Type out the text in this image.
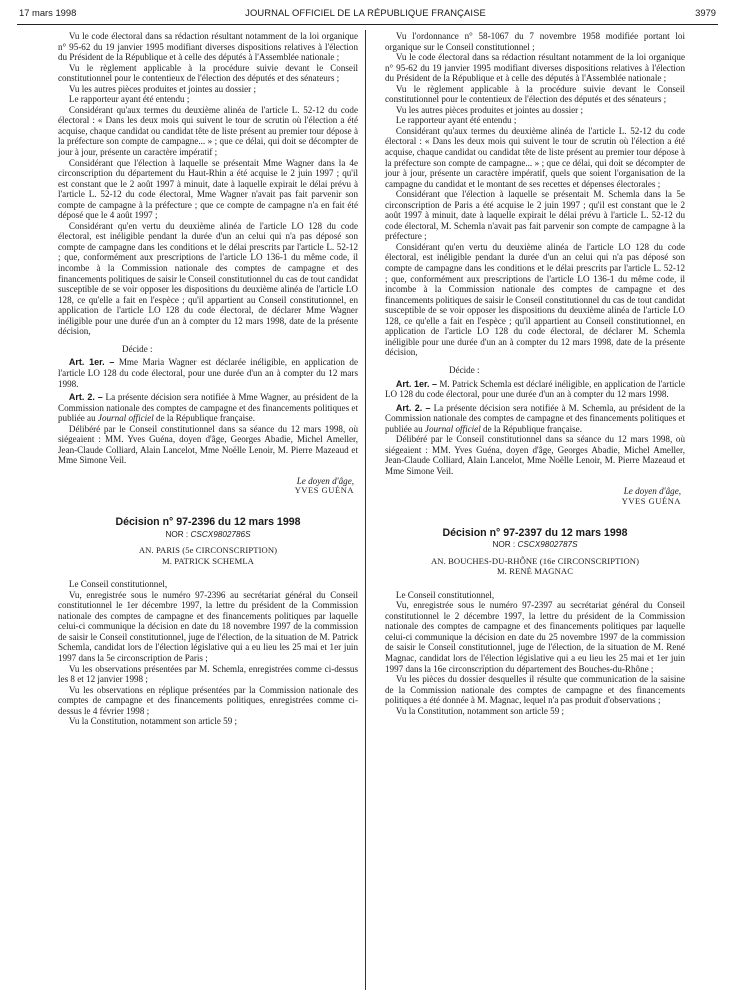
17 mars 1998	JOURNAL OFFICIEL DE LA RÉPUBLIQUE FRANÇAISE	3979

Vu le code électoral dans sa rédaction résultant notamment de la loi organique n° 95-62 du 19 janvier 1995 modifiant diverses dispositions relatives à l'élection du Président de la République et à celle des députés à l'Assemblée nationale ;

Vu le règlement applicable à la procédure suivie devant le Conseil constitutionnel pour le contentieux de l'élection des députés et des sénateurs ;

Vu les autres pièces produites et jointes au dossier ;

Le rapporteur ayant été entendu ;

Considérant qu'aux termes du deuxième alinéa de l'article L. 52-12 du code électoral : « Dans les deux mois qui suivent le tour de scrutin où l'élection a été acquise, chaque candidat ou candidat tête de liste présent au premier tour dépose à la préfecture son compte de campagne... » ; que ce délai, qui doit se décompter de jour à jour, présente un caractère impératif ;

Considérant que l'élection à laquelle se présentait Mme Wagner dans la 4e circonscription du département du Haut-Rhin a été acquise le 2 juin 1997 ; qu'il est constant que le 2 août 1997 à minuit, date à laquelle expirait le délai prévu à l'article L. 52-12 du code électoral, Mme Wagner n'avait pas fait parvenir son compte de campagne à la préfecture ; que ce compte de campagne n'a en fait été déposé que le 4 août 1997 ;

Considérant qu'en vertu du deuxième alinéa de l'article LO 128 du code électoral, est inéligible pendant la durée d'un an celui qui n'a pas déposé son compte de campagne dans les conditions et le délai prescrits par l'article L. 52-12 ; que, conformément aux prescriptions de l'article LO 136-1 du même code, il incombe à la Commission nationale des comptes de campagne et des financements politiques de saisir le Conseil constitutionnel du cas de tout candidat susceptible de se voir opposer les dispositions du deuxième alinéa de l'article LO 128, ce qu'elle a fait en l'espèce ; qu'il appartient au Conseil constitutionnel, en application de l'article LO 128 du code électoral, de déclarer Mme Wagner inéligible pour une durée d'un an à compter du 12 mars 1998, date de la présente décision,

Décide :

Art. 1er. – Mme Maria Wagner est déclarée inéligible, en application de l'article LO 128 du code électoral, pour une durée d'un an à compter du 12 mars 1998.

Art. 2. – La présente décision sera notifiée à Mme Wagner, au président de la Commission nationale des comptes de campagne et des financements politiques et publiée au Journal officiel de la République française.

Délibéré par le Conseil constitutionnel dans sa séance du 12 mars 1998, où siégeaient : MM. Yves Guéna, doyen d'âge, Georges Abadie, Michel Ameller, Jean-Claude Colliard, Alain Lancelot, Mme Noëlle Lenoir, M. Pierre Mazeaud et Mme Simone Veil.

Le doyen d'âge,

YVES GUÉNA

Décision n° 97-2396 du 12 mars 1998

NOR : CSCX9802786S

AN. PARIS (5e CIRCONSCRIPTION)

M. PATRICK SCHEMLA

Le Conseil constitutionnel,

Vu, enregistrée sous le numéro 97-2396 au secrétariat général du Conseil constitutionnel le 1er décembre 1997, la lettre du président de la Commission nationale des comptes de campagne et des financements politiques par laquelle celui-ci communique la décision en date du 18 novembre 1997 de la commission de saisir le Conseil constitutionnel, juge de l'élection, de la situation de M. Patrick Schemla, candidat lors de l'élection législative qui a eu lieu les 25 mai et 1er juin 1997 dans la 5e circonscription de Paris ;

Vu les observations présentées par M. Schemla, enregistrées comme ci-dessus les 8 et 12 janvier 1998 ;

Vu les observations en réplique présentées par la Commission nationale des comptes de campagne et des financements politiques, enregistrées comme ci-dessus le 4 février 1998 ;

Vu la Constitution, notamment son article 59 ;

Vu l'ordonnance n° 58-1067 du 7 novembre 1958 modifiée portant loi organique sur le Conseil constitutionnel ;

Vu le code électoral dans sa rédaction résultant notamment de la loi organique n° 95-62 du 19 janvier 1995 modifiant diverses dispositions relatives à l'élection du Président de la République et à celle des députés à l'Assemblée nationale ;

Vu le règlement applicable à la procédure suivie devant le Conseil constitutionnel pour le contentieux de l'élection des députés et des sénateurs ;

Vu les autres pièces produites et jointes au dossier ;

Le rapporteur ayant été entendu ;

Considérant qu'aux termes du deuxième alinéa de l'article L. 52-12 du code électoral : « Dans les deux mois qui suivent le tour de scrutin où l'élection a été acquise, chaque candidat ou candidat tête de liste présent au premier tour dépose à la préfecture son compte de campagne... » ; que ce délai, qui doit se décompter de jour à jour, présente un caractère impératif, quels que soient l'organisation de la campagne du candidat et le montant de ses recettes et dépenses électorales ;

Considérant que l'élection à laquelle se présentait M. Schemla dans la 5e circonscription de Paris a été acquise le 2 juin 1997 ; qu'il est constant que le 2 août 1997 à minuit, date à laquelle expirait le délai prévu à l'article L. 52-12 du code électoral, M. Schemla n'avait pas fait parvenir son compte de campagne à la préfecture ;

Considérant qu'en vertu du deuxième alinéa de l'article LO 128 du code électoral, est inéligible pendant la durée d'un an celui qui n'a pas déposé son compte de campagne dans les conditions et le délai prescrits par l'article L. 52-12 ; que, conformément aux prescriptions de l'article LO 136-1 du même code, il incombe à la Commission nationale des comptes de campagne et des financements politiques de saisir le Conseil constitutionnel du cas de tout candidat susceptible de se voir opposer les dispositions du deuxième alinéa de l'article LO 128, ce qu'elle a fait en l'espèce ; qu'il appartient au Conseil constitutionnel, en application de l'article LO 128 du code électoral, de déclarer M. Schemla inéligible pour une durée d'un an à compter du 12 mars 1998, date de la présente décision,

Décide :

Art. 1er. – M. Patrick Schemla est déclaré inéligible, en application de l'article LO 128 du code électoral, pour une durée d'un an à compter du 12 mars 1998.

Art. 2. – La présente décision sera notifiée à M. Schemla, au président de la Commission nationale des comptes de campagne et des financements politiques et publiée au Journal officiel de la République française.

Délibéré par le Conseil constitutionnel dans sa séance du 12 mars 1998, où siégeaient : MM. Yves Guéna, doyen d'âge, Georges Abadie, Michel Ameller, Jean-Claude Colliard, Alain Lancelot, Mme Noëlle Lenoir, M. Pierre Mazeaud et Mme Simone Veil.

Le doyen d'âge,

YVES GUÉNA

Décision n° 97-2397 du 12 mars 1998

NOR : CSCX9802787S

AN. BOUCHES-DU-RHÔNE (16e CIRCONSCRIPTION)

M. RENÉ MAGNAC

Le Conseil constitutionnel,

Vu, enregistrée sous le numéro 97-2397 au secrétariat général du Conseil constitutionnel le 2 décembre 1997, la lettre du président de la Commission nationale des comptes de campagne et des financements politiques par laquelle celui-ci communique la décision en date du 25 novembre 1997 de la commission de saisir le Conseil constitutionnel, juge de l'élection, de la situation de M. René Magnac, candidat lors de l'élection législative qui a eu lieu les 25 mai et 1er juin 1997 dans la 16e circonscription du département des Bouches-du-Rhône ;

Vu les pièces du dossier desquelles il résulte que communication de la saisine de la Commission nationale des comptes de campagne et des financements politiques a été donnée à M. Magnac, lequel n'a pas produit d'observations ;

Vu la Constitution, notamment son article 59 ;
